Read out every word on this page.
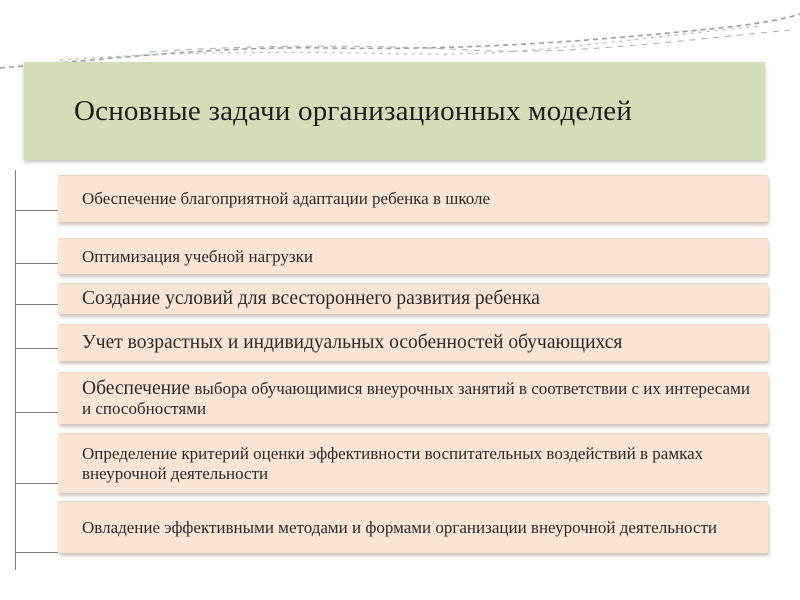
Основные задачи организационных моделей
Обеспечение благоприятной адаптации ребенка в школе
Оптимизация учебной нагрузки
Создание условий для всестороннего развития ребенка
Учет возрастных и индивидуальных особенностей обучающихся
Обеспечение выбора обучающимися внеурочных занятий в соответствии с их интересами и способностями
Определение критерий оценки эффективности воспитательных воздействий в рамках внеурочной деятельности
Овладение эффективными методами и формами организации внеурочной деятельности
